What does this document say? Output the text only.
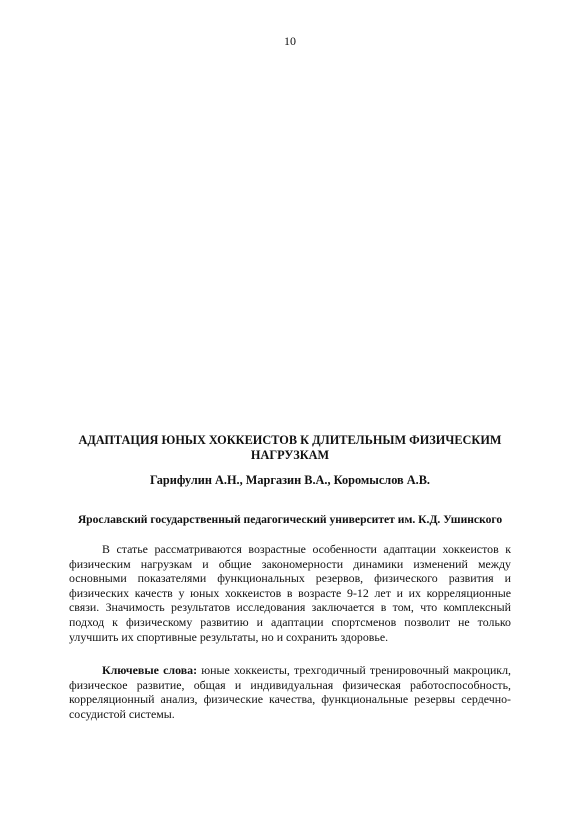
10
АДАПТАЦИЯ ЮНЫХ ХОККЕИСТОВ К ДЛИТЕЛЬНЫМ ФИЗИЧЕСКИМ НАГРУЗКАМ

Гарифулин А.Н., Маргазин В.А., Коромыслов А.В.

Ярославский государственный педагогический университет им. К.Д. Ушинского

В статье рассматриваются возрастные особенности адаптации хоккеистов к физическим нагрузкам и общие закономерности динамики изменений между основными показателями функциональных резервов, физического развития и физических качеств у юных хоккеистов в возрасте 9-12 лет и их корреляционные связи. Значимость результатов исследования заключается в том, что комплексный подход к физическому развитию и адаптации спортсменов позволит не только улучшить их спортивные результаты, но и сохранить здоровье.

Ключевые слова: юные хоккеисты, трехгодичный тренировочный макроцикл, физическое развитие, общая и индивидуальная физическая работоспособность, корреляционный анализ, физические качества, функциональные резервы сердечно-сосудистой системы.
